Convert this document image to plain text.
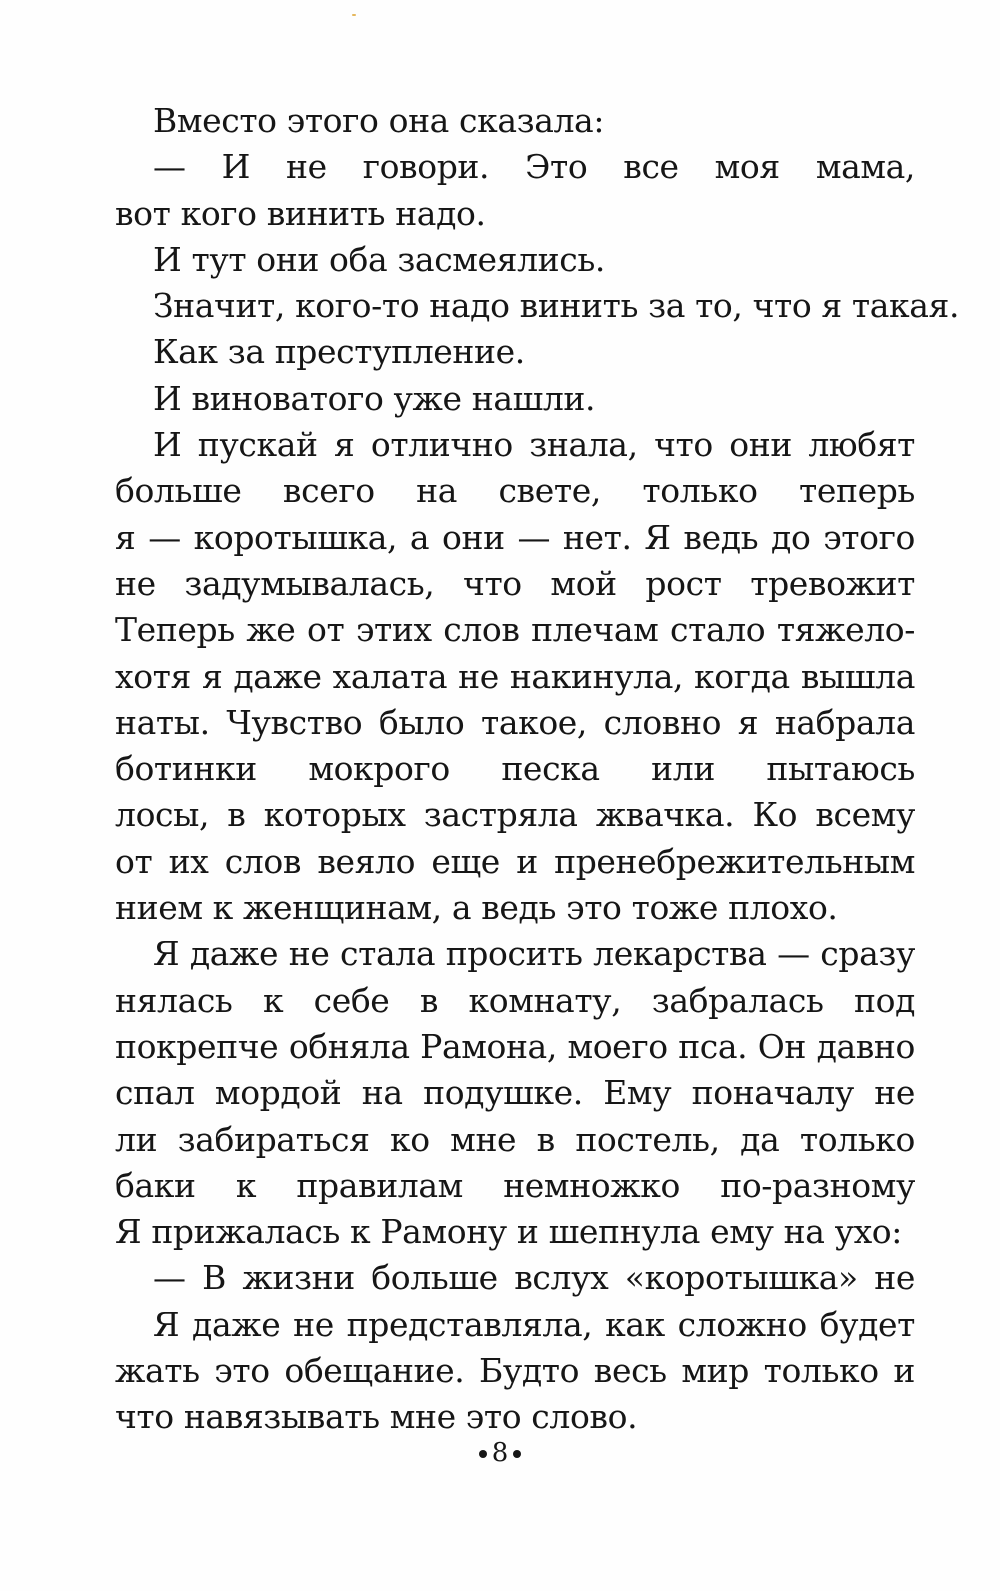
Вместо этого она сказала:
— И не говори. Это все моя мама,
вот кого винить надо.
И тут они оба засмеялись.
Значит, кого-то надо винить за то, что я такая.
Как за преступление.
И виноватого уже нашли.
И пускай я отлично знала, что они любят
больше всего на свете, только теперь
я — коротышка, а они — нет. Я ведь до этого
не задумывалась, что мой рост тревожит
Теперь же от этих слов плечам стало тяжело-
хотя я даже халата не накинула, когда вышла
наты. Чувство было такое, словно я набрала
ботинки мокрого песка или пытаюсь
лосы, в которых застряла жвачка. Ко всему
от их слов веяло еще и пренебрежительным
нием к женщинам, а ведь это тоже плохо.
Я даже не стала просить лекарства — сразу
нялась к себе в комнату, забралась под
покрепче обняла Рамона, моего пса. Он давно
спал мордой на подушке. Ему поначалу не
ли забираться ко мне в постель, да только
баки к правилам немножко по-разному
Я прижалась к Рамону и шепнула ему на ухо:
— В жизни больше вслух «коротышка» не
Я даже не представляла, как сложно будет
жать это обещание. Будто весь мир только и
что навязывать мне это слово.
8
